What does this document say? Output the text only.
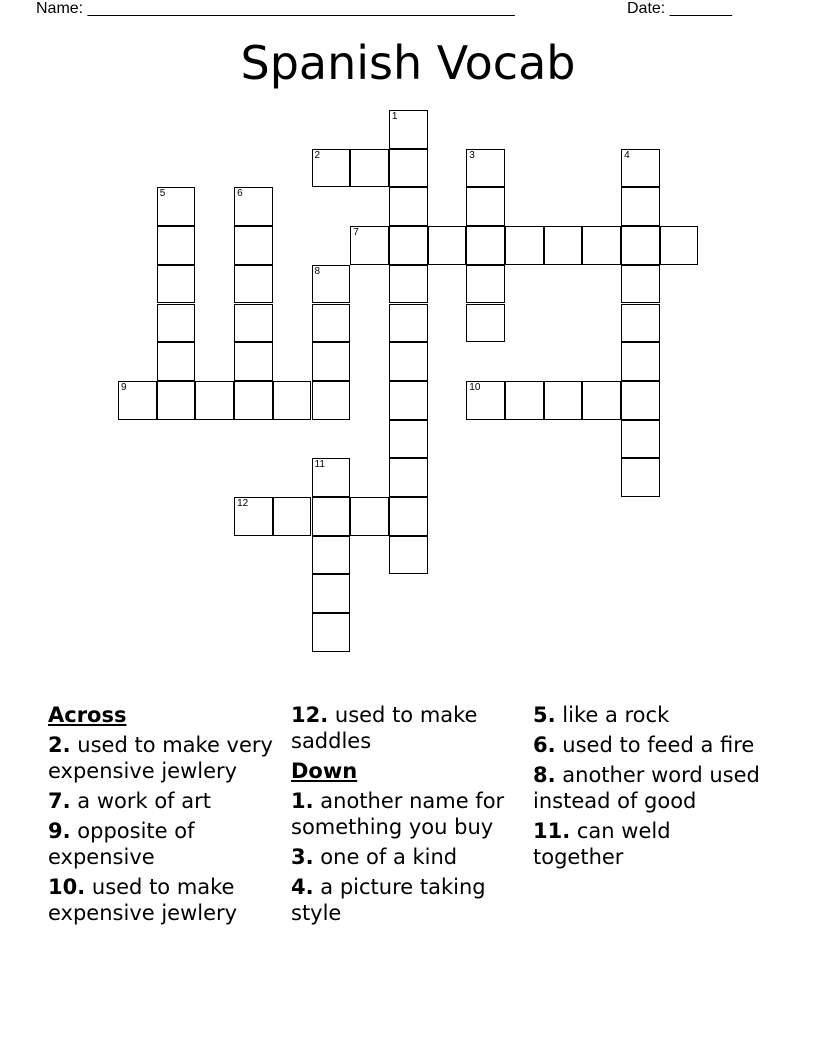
Name: ________________________________________________	Date: _______
Spanish Vocab
1
2	3	4
5	6
7
8
9	10
11
12
Across
2. used to make very expensive jewlery
7. a work of art
9. opposite of expensive
10. used to make expensive jewlery
12. used to make saddles
Down
1. another name for something you buy
3. one of a kind
4. a picture taking style
5. like a rock
6. used to feed a fire
8. another word used instead of good
11. can weld together
